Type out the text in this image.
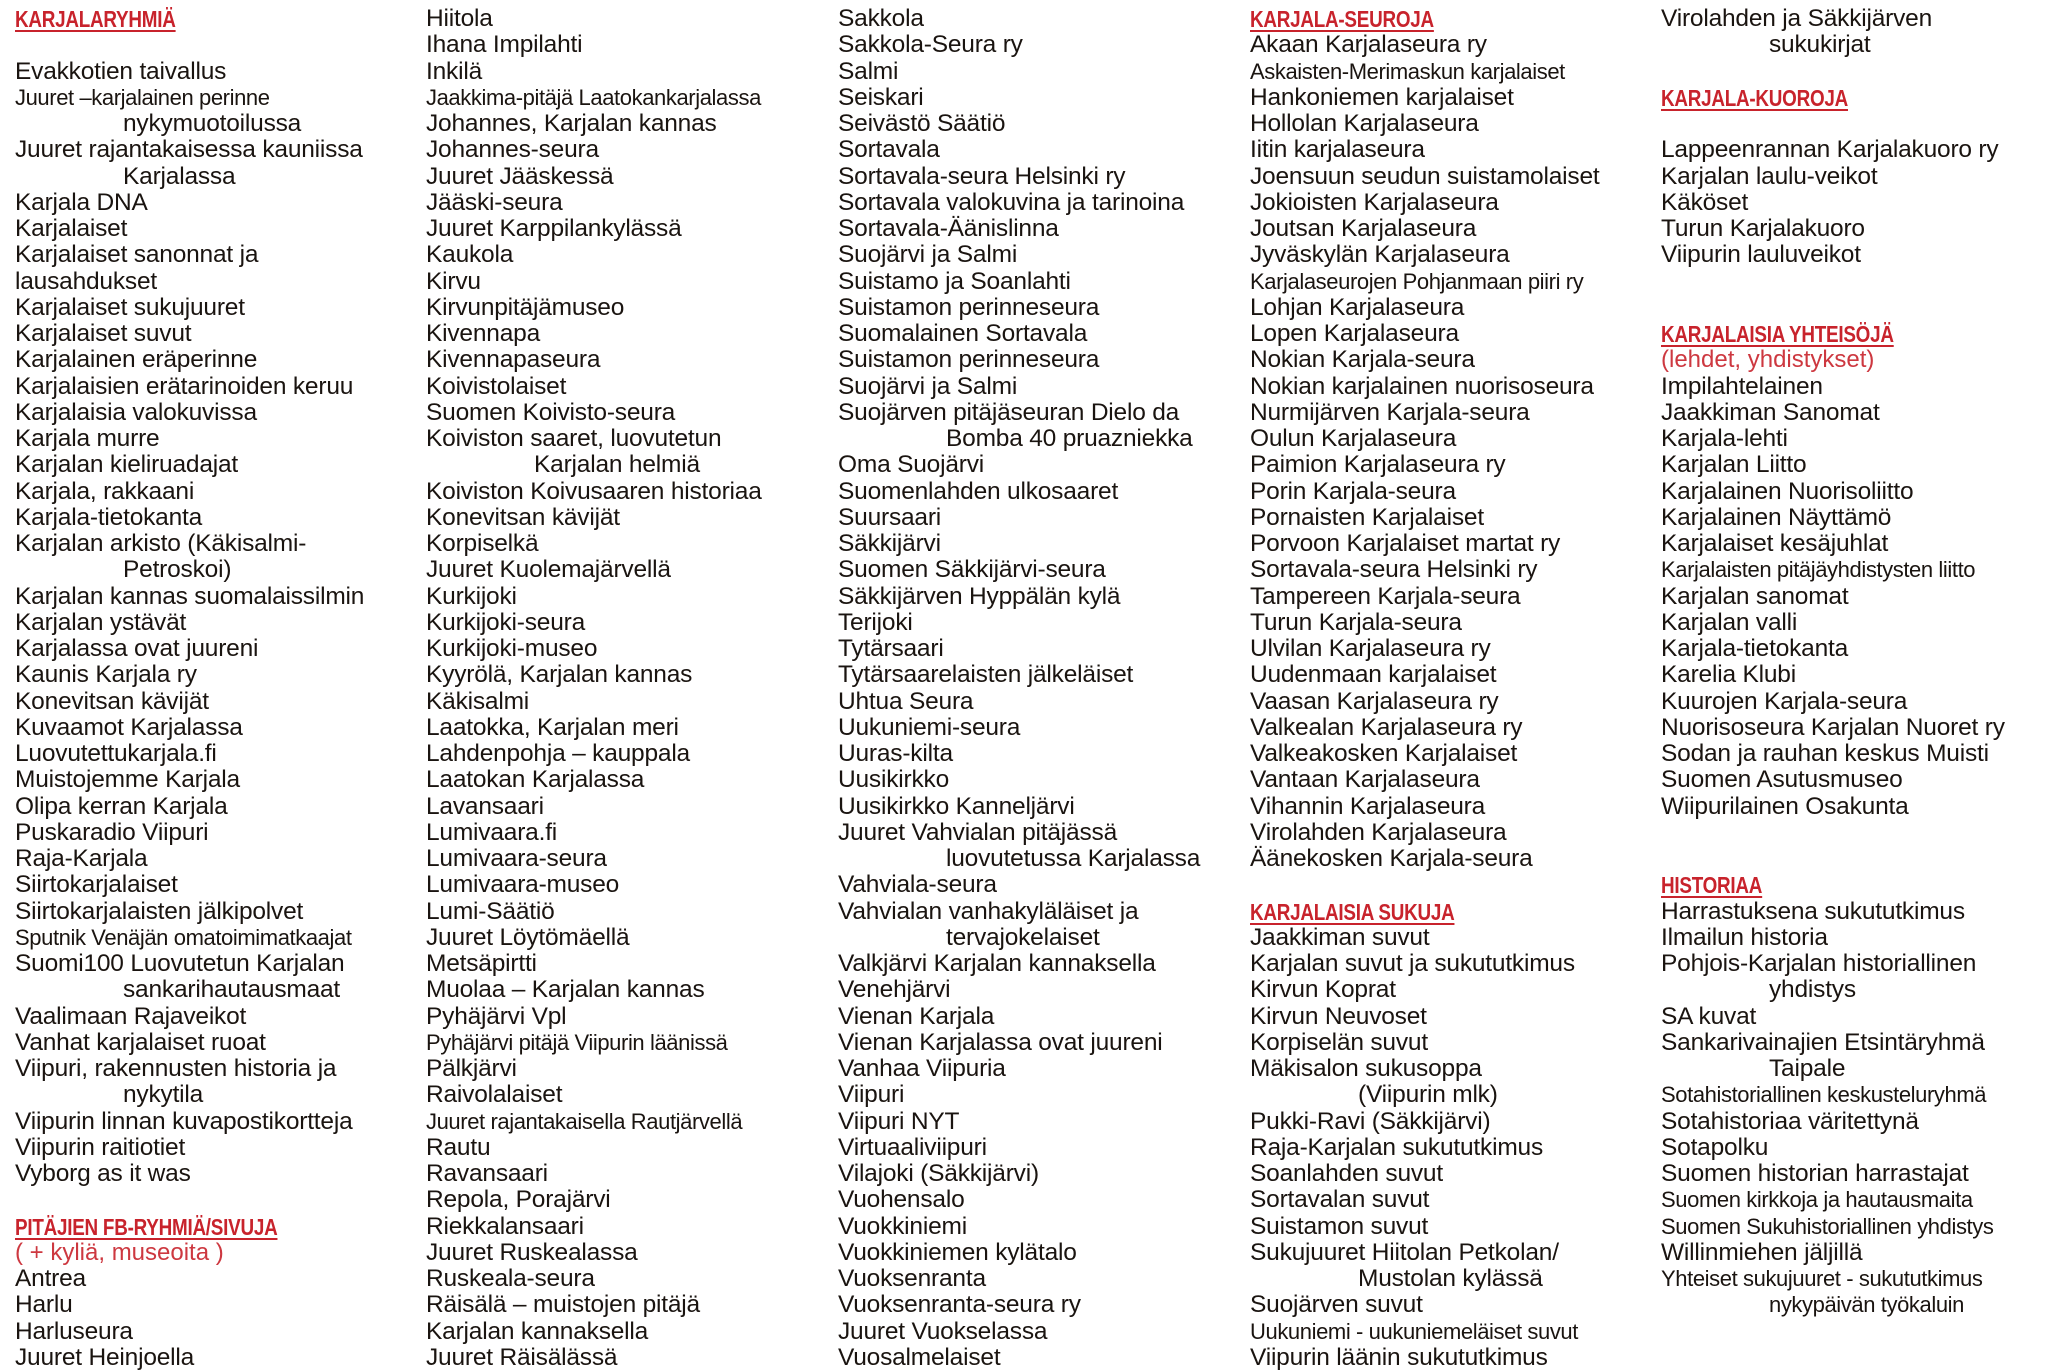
KARJALARYHMIÄ
Evakkotien taivallus
Juuret –karjalainen perinne
nykymuotoilussa
Juuret rajantakaisessa kauniissa
Karjalassa
Karjala DNA
Karjalaiset
Karjalaiset sanonnat ja
lausahdukset
Karjalaiset sukujuuret
Karjalaiset suvut
Karjalainen eräperinne
Karjalaisien erätarinoiden keruu
Karjalaisia valokuvissa
Karjala murre
Karjalan kieliruadajat
Karjala, rakkaani
Karjala-tietokanta
Karjalan arkisto (Käkisalmi-
Petroskoi)
Karjalan kannas suomalaissilmin
Karjalan ystävät
Karjalassa ovat juureni
Kaunis Karjala ry
Konevitsan kävijät
Kuvaamot Karjalassa
Luovutettukarjala.fi
Muistojemme Karjala
Olipa kerran Karjala
Puskaradio Viipuri
Raja-Karjala
Siirtokarjalaiset
Siirtokarjalaisten jälkipolvet
Sputnik Venäjän omatoimimatkaajat
Suomi100 Luovutetun Karjalan
sankarihautausmaat
Vaalimaan Rajaveikot
Vanhat karjalaiset ruoat
Viipuri, rakennusten historia ja
nykytila
Viipurin linnan kuvapostikortteja
Viipurin raitiotiet
Vyborg as it was
PITÄJIEN FB-RYHMIÄ/SIVUJA
( + kyliä, museoita )
Antrea
Harlu
Harluseura
Juuret Heinjoella
Hiitola
Ihana Impilahti
Inkilä
Jaakkima-pitäjä Laatokankarjalassa
Johannes, Karjalan kannas
Johannes-seura
Juuret Jääskessä
Jääski-seura
Juuret Karppilankylässä
Kaukola
Kirvu
Kirvunpitäjämuseo
Kivennapa
Kivennapaseura
Koivistolaiset
Suomen Koivisto-seura
Koiviston saaret, luovutetun
Karjalan helmiä
Koiviston Koivusaaren historiaa
Konevitsan kävijät
Korpiselkä
Juuret Kuolemajärvellä
Kurkijoki
Kurkijoki-seura
Kurkijoki-museo
Kyyrölä, Karjalan kannas
Käkisalmi
Laatokka, Karjalan meri
Lahdenpohja – kauppala
Laatokan Karjalassa
Lavansaari
Lumivaara.fi
Lumivaara-seura
Lumivaara-museo
Lumi-Säätiö
Juuret Löytömäellä
Metsäpirtti
Muolaa – Karjalan kannas
Pyhäjärvi Vpl
Pyhäjärvi pitäjä Viipurin läänissä
Pälkjärvi
Raivolalaiset
Juuret rajantakaisella Rautjärvellä
Rautu
Ravansaari
Repola, Porajärvi
Riekkalansaari
Juuret Ruskealassa
Ruskeala-seura
Räisälä – muistojen pitäjä
Karjalan kannaksella
Juuret Räisälässä
Sakkola
Sakkola-Seura ry
Salmi
Seiskari
Seivästö Säätiö
Sortavala
Sortavala-seura Helsinki ry
Sortavala valokuvina ja tarinoina
Sortavala-Äänislinna
Suojärvi ja Salmi
Suistamo ja Soanlahti
Suistamon perinneseura
Suomalainen Sortavala
Suistamon perinneseura
Suojärvi ja Salmi
Suojärven pitäjäseuran Dielo da
Bomba 40 pruazniekka
Oma Suojärvi
Suomenlahden ulkosaaret
Suursaari
Säkkijärvi
Suomen Säkkijärvi-seura
Säkkijärven Hyppälän kylä
Terijoki
Tytärsaari
Tytärsaarelaisten jälkeläiset
Uhtua Seura
Uukuniemi-seura
Uuras-kilta
Uusikirkko
Uusikirkko Kanneljärvi
Juuret Vahvialan pitäjässä
luovutetussa Karjalassa
Vahviala-seura
Vahvialan vanhakyläläiset ja
tervajokelaiset
Valkjärvi Karjalan kannaksella
Venehjärvi
Vienan Karjala
Vienan Karjalassa ovat juureni
Vanhaa Viipuria
Viipuri
Viipuri NYT
Virtuaaliviipuri
Vilajoki (Säkkijärvi)
Vuohensalo
Vuokkiniemi
Vuokkiniemen kylätalo
Vuoksenranta
Vuoksenranta-seura ry
Juuret Vuokselassa
Vuosalmelaiset
KARJALA-SEUROJA
Akaan Karjalaseura ry
Askaisten-Merimaskun karjalaiset
Hankoniemen karjalaiset
Hollolan Karjalaseura
Iitin karjalaseura
Joensuun seudun suistamolaiset
Jokioisten Karjalaseura
Joutsan Karjalaseura
Jyväskylän Karjalaseura
Karjalaseurojen Pohjanmaan piiri ry
Lohjan Karjalaseura
Lopen Karjalaseura
Nokian Karjala-seura
Nokian karjalainen nuorisoseura
Nurmijärven Karjala-seura
Oulun Karjalaseura
Paimion Karjalaseura ry
Porin Karjala-seura
Pornaisten Karjalaiset
Porvoon Karjalaiset martat ry
Sortavala-seura Helsinki ry
Tampereen Karjala-seura
Turun Karjala-seura
Ulvilan Karjalaseura ry
Uudenmaan karjalaiset
Vaasan Karjalaseura ry
Valkealan Karjalaseura ry
Valkeakosken Karjalaiset
Vantaan Karjalaseura
Vihannin Karjalaseura
Virolahden Karjalaseura
Äänekosken Karjala-seura
KARJALAISIA SUKUJA
Jaakkiman suvut
Karjalan suvut ja sukututkimus
Kirvun Koprat
Kirvun Neuvoset
Korpiselän suvut
Mäkisalon sukusoppa
(Viipurin mlk)
Pukki-Ravi (Säkkijärvi)
Raja-Karjalan sukututkimus
Soanlahden suvut
Sortavalan suvut
Suistamon suvut
Sukujuuret Hiitolan Petkolan/
Mustolan kylässä
Suojärven suvut
Uukuniemi - uukuniemeläiset suvut
Viipurin läänin sukututkimus
Virolahden ja Säkkijärven
sukukirjat
KARJALA-KUOROJA
Lappeenrannan Karjalakuoro ry
Karjalan laulu-veikot
Käköset
Turun Karjalakuoro
Viipurin lauluveikot
KARJALAISIA YHTEISÖJÄ
(lehdet, yhdistykset)
Impilahtelainen
Jaakkiman Sanomat
Karjala-lehti
Karjalan Liitto
Karjalainen Nuorisoliitto
Karjalainen Näyttämö
Karjalaiset kesäjuhlat
Karjalaisten pitäjäyhdistysten liitto
Karjalan sanomat
Karjalan valli
Karjala-tietokanta
Karelia Klubi
Kuurojen Karjala-seura
Nuorisoseura Karjalan Nuoret ry
Sodan ja rauhan keskus Muisti
Suomen Asutusmuseo
Wiipurilainen Osakunta
HISTORIAA
Harrastuksena sukututkimus
Ilmailun historia
Pohjois-Karjalan historiallinen
yhdistys
SA kuvat
Sankarivainajien Etsintäryhmä
Taipale
Sotahistoriallinen keskusteluryhmä
Sotahistoriaa väritettynä
Sotapolku
Suomen historian harrastajat
Suomen kirkkoja ja hautausmaita
Suomen Sukuhistoriallinen yhdistys
Willinmiehen jäljillä
Yhteiset sukujuuret - sukututkimus
nykypäivän työkaluin
